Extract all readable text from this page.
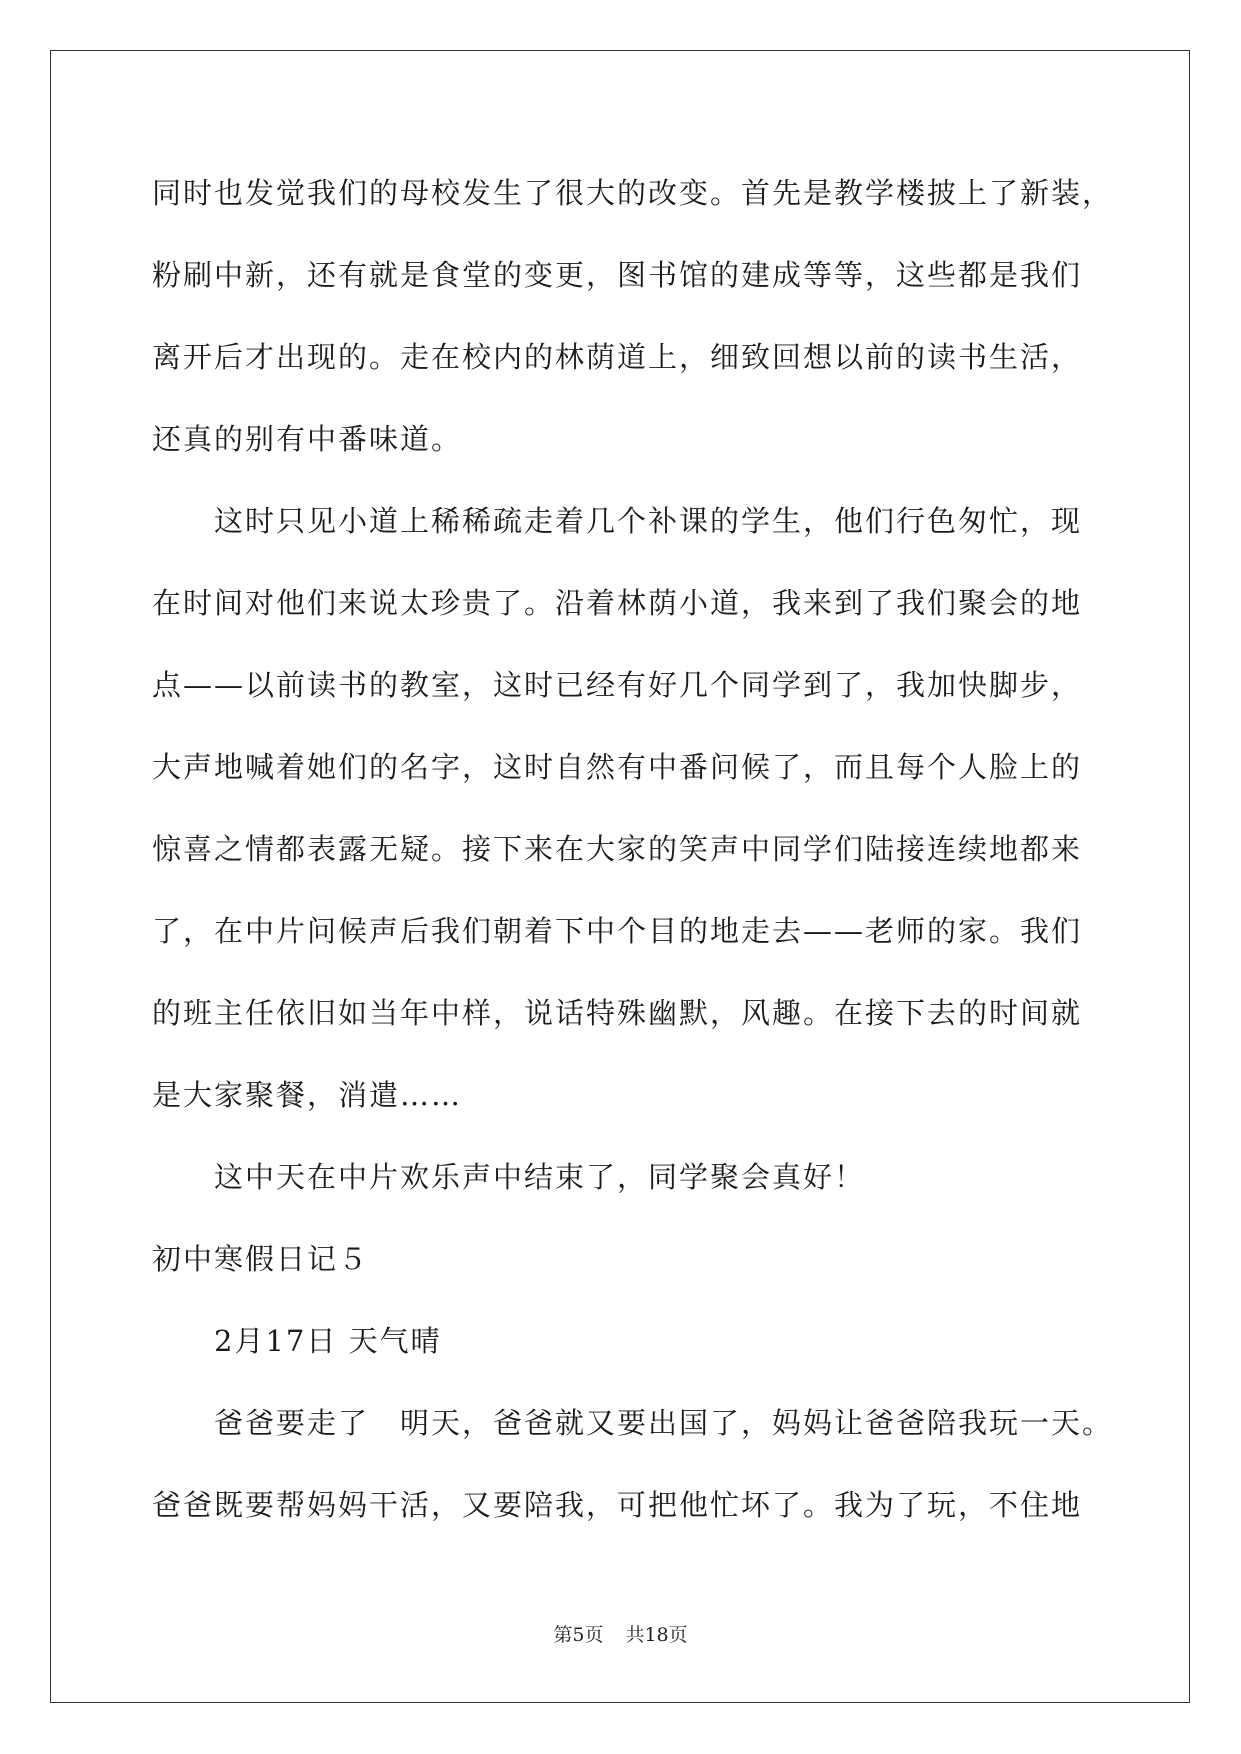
同时也发觉我们的母校发生了很大的改变。首先是教学楼披上了新装，
粉刷中新，还有就是食堂的变更，图书馆的建成等等，这些都是我们
离开后才出现的。走在校内的林荫道上，细致回想以前的读书生活，
还真的别有中番味道。
这时只见小道上稀稀疏走着几个补课的学生，他们行色匆忙，现
在时间对他们来说太珍贵了。沿着林荫小道，我来到了我们聚会的地
点——以前读书的教室，这时已经有好几个同学到了，我加快脚步，
大声地喊着她们的名字，这时自然有中番问候了，而且每个人脸上的
惊喜之情都表露无疑。接下来在大家的笑声中同学们陆接连续地都来
了，在中片问候声后我们朝着下中个目的地走去——老师的家。我们
的班主任依旧如当年中样，说话特殊幽默，风趣。在接下去的时间就
是大家聚餐，消遣……
这中天在中片欢乐声中结束了，同学聚会真好！
初中寒假日记５
2月17日 天气晴
爸爸要走了　明天，爸爸就又要出国了，妈妈让爸爸陪我玩一天。
爸爸既要帮妈妈干活，又要陪我，可把他忙坏了。我为了玩，不住地
第5页 共18页
